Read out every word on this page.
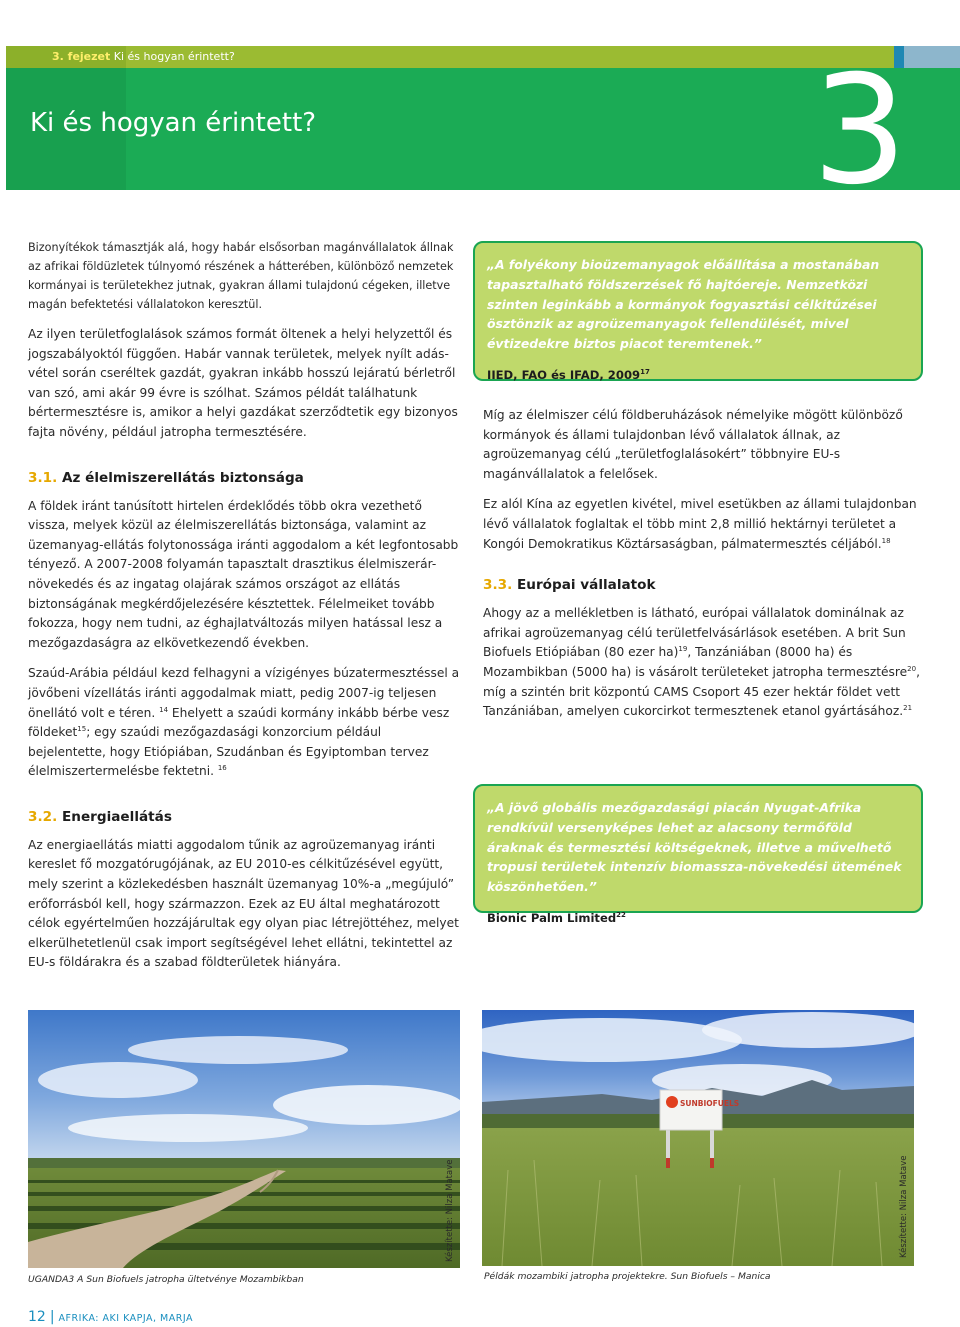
3. fejezet Ki és hogyan érintett?
Ki és hogyan érintett?	3

Bizonyítékok támasztják alá, hogy habár elsősorban magánvállalatok állnak az afrikai földüzletek túlnyomó részének a hátterében, különböző nemzetek kormányai is területekhez jutnak, gyakran állami tulajdonú cégeken, illetve magán befektetési vállalatokon keresztül.

Az ilyen területfoglalások számos formát öltenek a helyi helyzettől és jogszabályoktól függően. Habár vannak területek, melyek nyílt adás-vétel során cseréltek gazdát, gyakran inkább hosszú lejáratú bérletről van szó, ami akár 99 évre is szólhat. Számos példát találhatunk bértermesztésre is, amikor a helyi gazdákat szerződtetik egy bizonyos fajta növény, például jatropha termesztésére.

3.1. Az élelmiszerellátás biztonsága

A földek iránt tanúsított hirtelen érdeklődés több okra vezethető vissza, melyek közül az élelmiszerellátás biztonsága, valamint az üzemanyag-ellátás folytonossága iránti aggodalom a két legfontosabb tényező. A 2007-2008 folyamán tapasztalt drasztikus élelmiszerár-növekedés és az ingatag olajárak számos országot az ellátás biztonságának megkérdőjelezésére késztettek. Félelmeiket tovább fokozza, hogy nem tudni, az éghajlatváltozás milyen hatással lesz a mezőgazdaságra az elkövetkezendő években.

Szaúd-Arábia például kezd felhagyni a vízigényes búzatermesztéssel a jövőbeni vízellátás iránti aggodalmak miatt, pedig 2007-ig teljesen önellátó volt e téren. $^{14}$ Ehelyett a szaúdi kormány inkább bérbe vesz földeket$^{15}$; egy szaúdi mezőgazdasági konzorcium például bejelentette, hogy Etiópiában, Szudánban és Egyiptomban tervez élelmiszertermelésbe fektetni. $^{16}$

3.2. Energiaellátás

Az energiaellátás miatti aggodalom tűnik az agroüzemanyag iránti kereslet fő mozgatórugójának, az EU 2010-es célkitűzésével együtt, mely szerint a közlekedésben használt üzemanyag 10%-a „megújuló” erőforrásból kell, hogy származzon. Ezek az EU által meghatározott célok egyértelműen hozzájárultak egy olyan piac létrejöttéhez, melyet elkerülhetetlenül csak import segítségével lehet ellátni, tekintettel az EU-s földárakra és a szabad földterületek hiányára.

„A folyékony bioüzemanyagok előállítása a mostanában tapasztalható földszerzések fő hajtóereje. Nemzetközi szinten leginkább a kormányok fogyasztási célkitűzései ösztönzik az agroüzemanyagok fellendülését, mivel évtizedekre biztos piacot teremtenek.”
IIED, FAO és IFAD, 2009$^{17}$

Míg az élelmiszer célú földberuházások némelyike mögött különböző kormányok és állami tulajdonban lévő vállalatok állnak, az agroüzemanyag célú „területfoglalásokért” többnyire EU-s magánvállalatok a felelősek.

Ez alól Kína az egyetlen kivétel, mivel esetükben az állami tulajdonban lévő vállalatok foglaltak el több mint 2,8 millió hektárnyi területet a Kongói Demokratikus Köztársaságban, pálmatermesztés céljából.$^{18}$

3.3. Európai vállalatok

Ahogy az a mellékletben is látható, európai vállalatok dominálnak az afrikai agroüzemanyag célú területfelvásárlások esetében. A brit Sun Biofuels Etiópiában (80 ezer ha)$^{19}$, Tanzániában (8000 ha) és Mozambikban (5000 ha) is vásárolt területeket jatropha termesztésre$^{20}$, míg a szintén brit központú CAMS Csoport 45 ezer hektár földet vett Tanzániában, amelyen cukorcirkot termesztenek etanol gyártásához.$^{21}$

„A jövő globális mezőgazdasági piacán Nyugat-Afrika rendkívül versenyképes lehet az alacsony termőföld áraknak és termesztési költségeknek, illetve a művelhető tropusi területek intenzív biomassza-növekedési ütemének köszönhetően.”
Bionic Palm Limited$^{22}$
Készítette: Nilza Matave
UGANDA3 A Sun Biofuels jatropha ültetvénye Mozambikban
SUNBIOFUELS
Készítette: Nilza Matave
Példák mozambiki jatropha projektekre. Sun Biofuels – Manica
12 | AFRIKA: AKI KAPJA, MARJA
